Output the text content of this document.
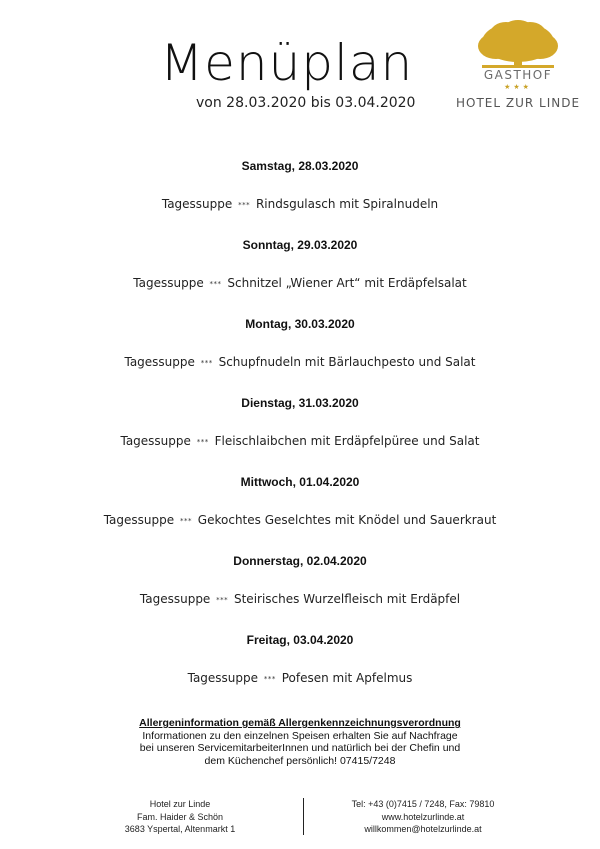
Menüplan
von 28.03.2020 bis 03.04.2020
GASTHOF
★★★
HOTEL ZUR LINDE
Samstag, 28.03.2020
Tagessuppe *** Rindsgulasch mit Spiralnudeln
Sonntag, 29.03.2020
Tagessuppe *** Schnitzel „Wiener Art“ mit Erdäpfelsalat
Montag, 30.03.2020
Tagessuppe *** Schupfnudeln mit Bärlauchpesto und Salat
Dienstag, 31.03.2020
Tagessuppe *** Fleischlaibchen mit Erdäpfelpüree und Salat
Mittwoch, 01.04.2020
Tagessuppe *** Gekochtes Geselchtes mit Knödel und Sauerkraut
Donnerstag, 02.04.2020
Tagessuppe *** Steirisches Wurzelfleisch mit Erdäpfel
Freitag, 03.04.2020
Tagessuppe *** Pofesen mit Apfelmus
Allergeninformation gemäß Allergenkennzeichnungsverordnung
Informationen zu den einzelnen Speisen erhalten Sie auf Nachfrage
bei unseren ServicemitarbeiterInnen und natürlich bei der Chefin und
dem Küchenchef persönlich! 07415/7248
Hotel zur Linde
Fam. Haider & Schön
3683 Yspertal, Altenmarkt 1
Tel: +43 (0)7415 / 7248, Fax: 79810
www.hotelzurlinde.at
willkommen@hotelzurlinde.at
